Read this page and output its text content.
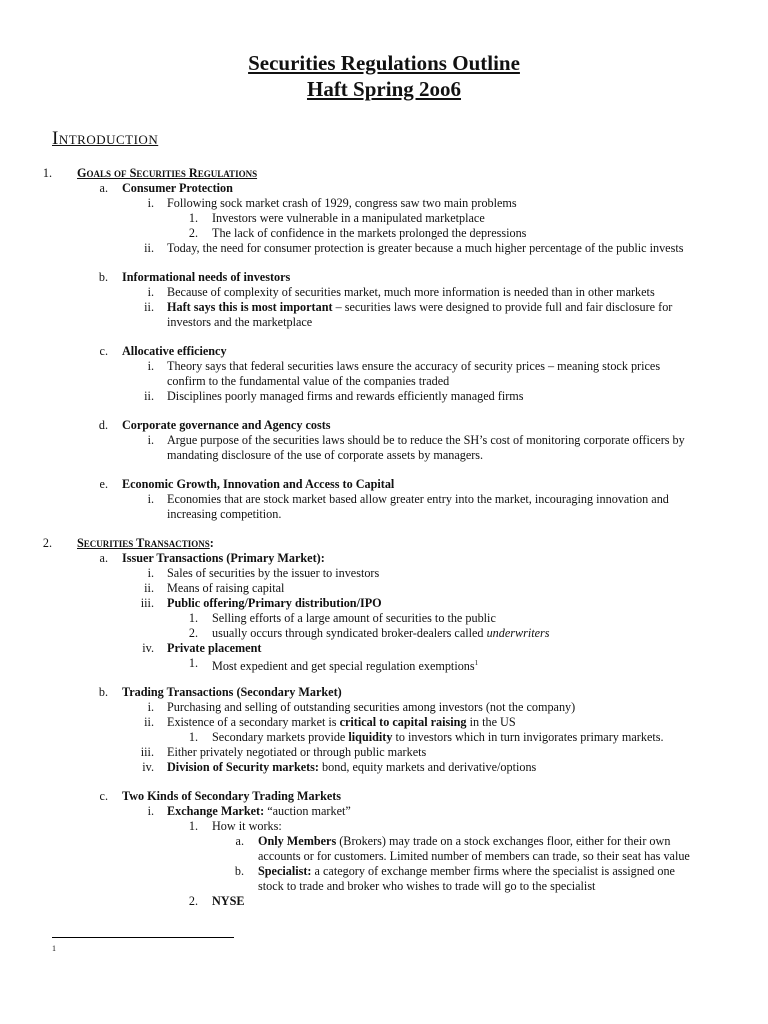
Securities Regulations Outline
Haft Spring 2oo6
Introduction
1. Goals of Securities Regulations
a. Consumer Protection
i. Following sock market crash of 1929, congress saw two main problems
1. Investors were vulnerable in a manipulated marketplace
2. The lack of confidence in the markets prolonged the depressions
ii. Today, the need for consumer protection is greater because a much higher percentage of the public invests
b. Informational needs of investors
i. Because of complexity of securities market, much more information is needed than in other markets
ii. Haft says this is most important – securities laws were designed to provide full and fair disclosure for
investors and the marketplace
c. Allocative efficiency
i. Theory says that federal securities laws ensure the accuracy of security prices – meaning stock prices
confirm to the fundamental value of the companies traded
ii. Disciplines poorly managed firms and rewards efficiently managed firms
d. Corporate governance and Agency costs
i. Argue purpose of the securities laws should be to reduce the SH’s cost of monitoring corporate officers by
mandating disclosure of the use of corporate assets by managers.
e. Economic Growth, Innovation and Access to Capital
i. Economies that are stock market based allow greater entry into the market, incouraging innovation and
increasing competition.
2. Securities Transactions:
a. Issuer Transactions (Primary Market):
i. Sales of securities by the issuer to investors
ii. Means of raising capital
iii. Public offering/Primary distribution/IPO
1. Selling efforts of a large amount of securities to the public
2. usually occurs through syndicated broker-dealers called underwriters
iv. Private placement
1. Most expedient and get special regulation exemptions$^1$
b. Trading Transactions (Secondary Market)
i. Purchasing and selling of outstanding securities among investors (not the company)
ii. Existence of a secondary market is critical to capital raising in the US
1. Secondary markets provide liquidity to investors which in turn invigorates primary markets.
iii. Either privately negotiated or through public markets
iv. Division of Security markets: bond, equity markets and derivative/options
c. Two Kinds of Secondary Trading Markets
i. Exchange Market: “auction market”
1. How it works:
a. Only Members (Brokers) may trade on a stock exchanges floor, either for their own
accounts or for customers. Limited number of members can trade, so their seat has value
b. Specialist: a category of exchange member firms where the specialist is assigned one
stock to trade and broker who wishes to trade will go to the specialist
2. NYSE
1
